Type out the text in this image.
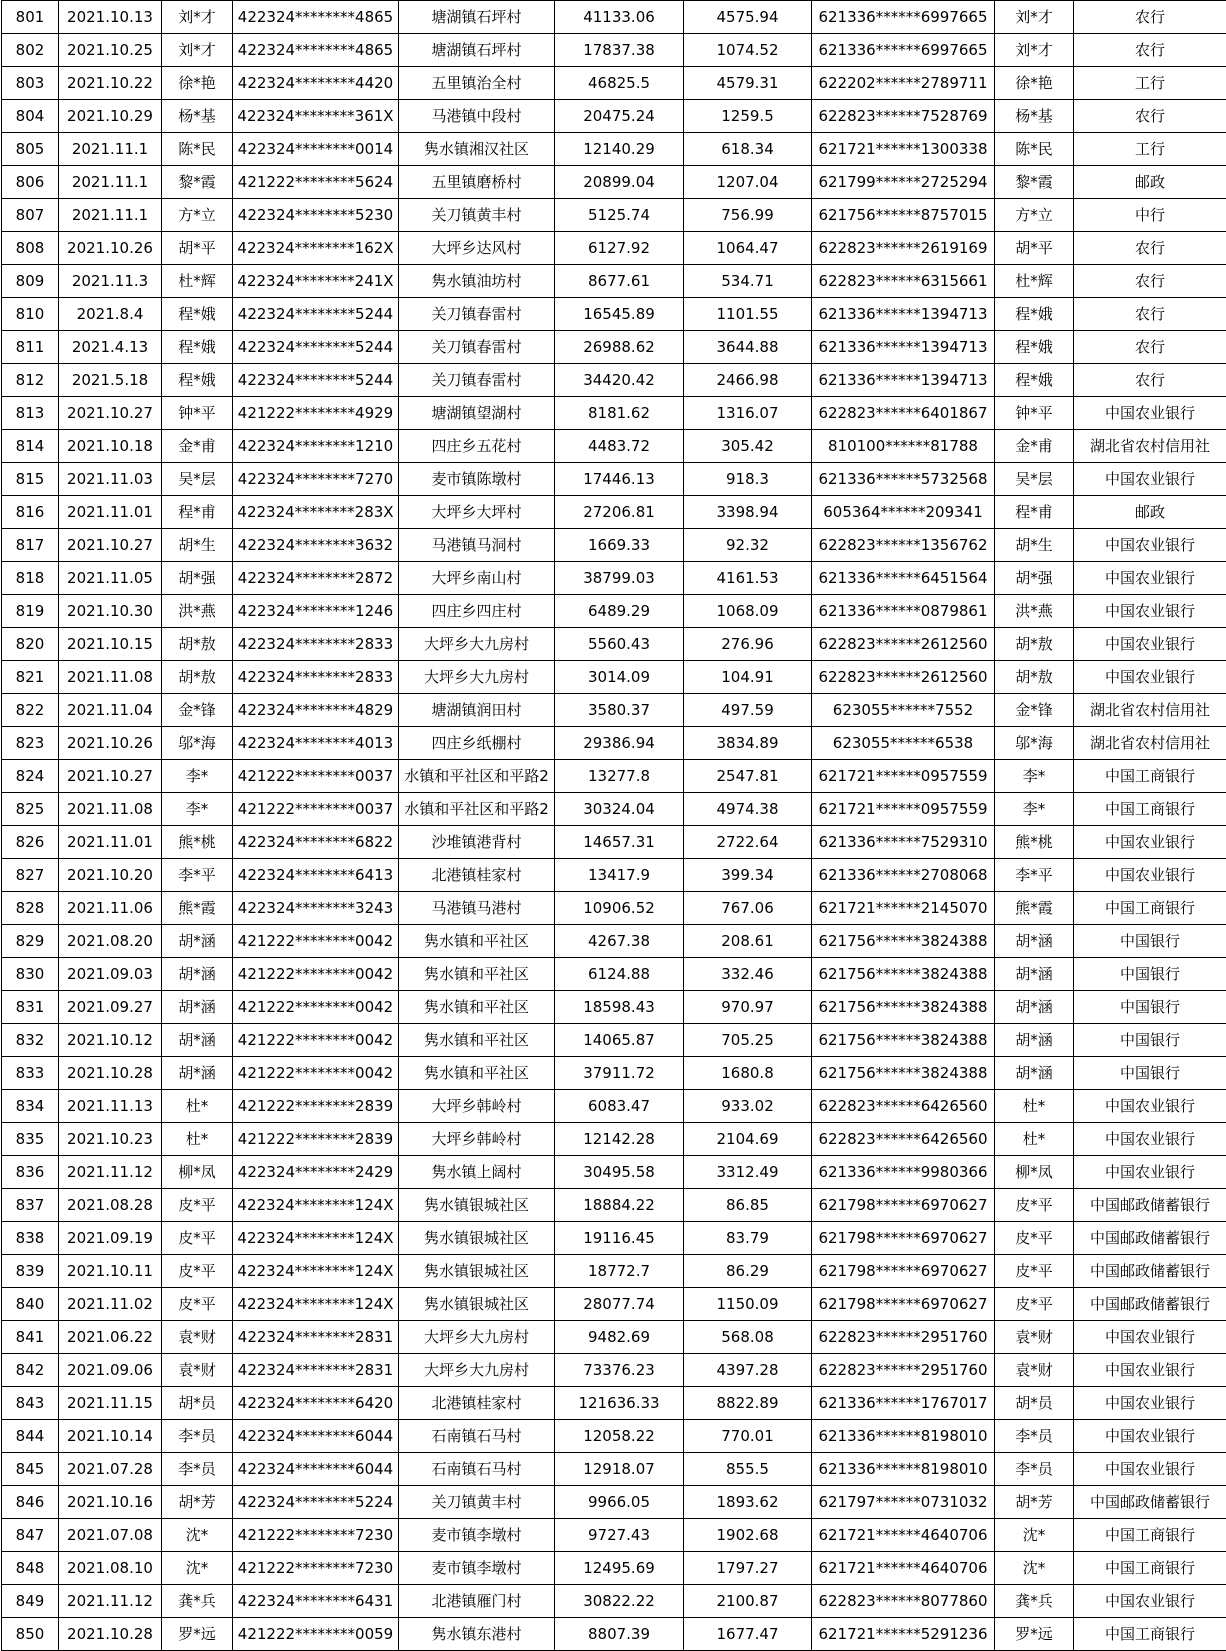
801	2021.10.13	刘*才	422324********4865	塘湖镇石坪村	41133.06	4575.94	621336******6997665	刘*才	农行
802	2021.10.25	刘*才	422324********4865	塘湖镇石坪村	17837.38	1074.52	621336******6997665	刘*才	农行
803	2021.10.22	徐*艳	422324********4420	五里镇治全村	46825.5	4579.31	622202******2789711	徐*艳	工行
804	2021.10.29	杨*基	422324********361X	马港镇中段村	20475.24	1259.5	622823******7528769	杨*基	农行
805	2021.11.1	陈*民	422324********0014	隽水镇湘汉社区	12140.29	618.34	621721******1300338	陈*民	工行
806	2021.11.1	黎*霞	421222********5624	五里镇磨桥村	20899.04	1207.04	621799******2725294	黎*霞	邮政
807	2021.11.1	方*立	422324********5230	关刀镇黄丰村	5125.74	756.99	621756******8757015	方*立	中行
808	2021.10.26	胡*平	422324********162X	大坪乡达风村	6127.92	1064.47	622823******2619169	胡*平	农行
809	2021.11.3	杜*辉	422324********241X	隽水镇油坊村	8677.61	534.71	622823******6315661	杜*辉	农行
810	2021.8.4	程*娥	422324********5244	关刀镇春雷村	16545.89	1101.55	621336******1394713	程*娥	农行
811	2021.4.13	程*娥	422324********5244	关刀镇春雷村	26988.62	3644.88	621336******1394713	程*娥	农行
812	2021.5.18	程*娥	422324********5244	关刀镇春雷村	34420.42	2466.98	621336******1394713	程*娥	农行
813	2021.10.27	钟*平	421222********4929	塘湖镇望湖村	8181.62	1316.07	622823******6401867	钟*平	中国农业银行
814	2021.10.18	金*甫	422324********1210	四庄乡五花村	4483.72	305.42	810100******81788	金*甫	湖北省农村信用社
815	2021.11.03	吴*层	422324********7270	麦市镇陈墩村	17446.13	918.3	621336******5732568	吴*层	中国农业银行
816	2021.11.01	程*甫	422324********283X	大坪乡大坪村	27206.81	3398.94	605364******209341	程*甫	邮政
817	2021.10.27	胡*生	422324********3632	马港镇马洞村	1669.33	92.32	622823******1356762	胡*生	中国农业银行
818	2021.11.05	胡*强	422324********2872	大坪乡南山村	38799.03	4161.53	621336******6451564	胡*强	中国农业银行
819	2021.10.30	洪*燕	422324********1246	四庄乡四庄村	6489.29	1068.09	621336******0879861	洪*燕	中国农业银行
820	2021.10.15	胡*敖	422324********2833	大坪乡大九房村	5560.43	276.96	622823******2612560	胡*敖	中国农业银行
821	2021.11.08	胡*敖	422324********2833	大坪乡大九房村	3014.09	104.91	622823******2612560	胡*敖	中国农业银行
822	2021.11.04	金*锋	422324********4829	塘湖镇润田村	3580.37	497.59	623055******7552	金*锋	湖北省农村信用社
823	2021.10.26	邬*海	422324********4013	四庄乡纸棚村	29386.94	3834.89	623055******6538	邬*海	湖北省农村信用社
824	2021.10.27	李*	421222********0037	水镇和平社区和平路2	13277.8	2547.81	621721******0957559	李*	中国工商银行
825	2021.11.08	李*	421222********0037	水镇和平社区和平路2	30324.04	4974.38	621721******0957559	李*	中国工商银行
826	2021.11.01	熊*桃	422324********6822	沙堆镇港背村	14657.31	2722.64	621336******7529310	熊*桃	中国农业银行
827	2021.10.20	李*平	422324********6413	北港镇桂家村	13417.9	399.34	621336******2708068	李*平	中国农业银行
828	2021.11.06	熊*霞	422324********3243	马港镇马港村	10906.52	767.06	621721******2145070	熊*霞	中国工商银行
829	2021.08.20	胡*涵	421222********0042	隽水镇和平社区	4267.38	208.61	621756******3824388	胡*涵	中国银行
830	2021.09.03	胡*涵	421222********0042	隽水镇和平社区	6124.88	332.46	621756******3824388	胡*涵	中国银行
831	2021.09.27	胡*涵	421222********0042	隽水镇和平社区	18598.43	970.97	621756******3824388	胡*涵	中国银行
832	2021.10.12	胡*涵	421222********0042	隽水镇和平社区	14065.87	705.25	621756******3824388	胡*涵	中国银行
833	2021.10.28	胡*涵	421222********0042	隽水镇和平社区	37911.72	1680.8	621756******3824388	胡*涵	中国银行
834	2021.11.13	杜*	421222********2839	大坪乡韩岭村	6083.47	933.02	622823******6426560	杜*	中国农业银行
835	2021.10.23	杜*	421222********2839	大坪乡韩岭村	12142.28	2104.69	622823******6426560	杜*	中国农业银行
836	2021.11.12	柳*凤	422324********2429	隽水镇上阔村	30495.58	3312.49	621336******9980366	柳*凤	中国农业银行
837	2021.08.28	皮*平	422324********124X	隽水镇银城社区	18884.22	86.85	621798******6970627	皮*平	中国邮政储蓄银行
838	2021.09.19	皮*平	422324********124X	隽水镇银城社区	19116.45	83.79	621798******6970627	皮*平	中国邮政储蓄银行
839	2021.10.11	皮*平	422324********124X	隽水镇银城社区	18772.7	86.29	621798******6970627	皮*平	中国邮政储蓄银行
840	2021.11.02	皮*平	422324********124X	隽水镇银城社区	28077.74	1150.09	621798******6970627	皮*平	中国邮政储蓄银行
841	2021.06.22	袁*财	422324********2831	大坪乡大九房村	9482.69	568.08	622823******2951760	袁*财	中国农业银行
842	2021.09.06	袁*财	422324********2831	大坪乡大九房村	73376.23	4397.28	622823******2951760	袁*财	中国农业银行
843	2021.11.15	胡*员	422324********6420	北港镇桂家村	121636.33	8822.89	621336******1767017	胡*员	中国农业银行
844	2021.10.14	李*员	422324********6044	石南镇石马村	12058.22	770.01	621336******8198010	李*员	中国农业银行
845	2021.07.28	李*员	422324********6044	石南镇石马村	12918.07	855.5	621336******8198010	李*员	中国农业银行
846	2021.10.16	胡*芳	422324********5224	关刀镇黄丰村	9966.05	1893.62	621797******0731032	胡*芳	中国邮政储蓄银行
847	2021.07.08	沈*	421222********7230	麦市镇李墩村	9727.43	1902.68	621721******4640706	沈*	中国工商银行
848	2021.08.10	沈*	421222********7230	麦市镇李墩村	12495.69	1797.27	621721******4640706	沈*	中国工商银行
849	2021.11.12	龚*兵	422324********6431	北港镇雁门村	30822.22	2100.87	622823******8077860	龚*兵	中国农业银行
850	2021.10.28	罗*远	421222********0059	隽水镇东港村	8807.39	1677.47	621721******5291236	罗*远	中国工商银行
